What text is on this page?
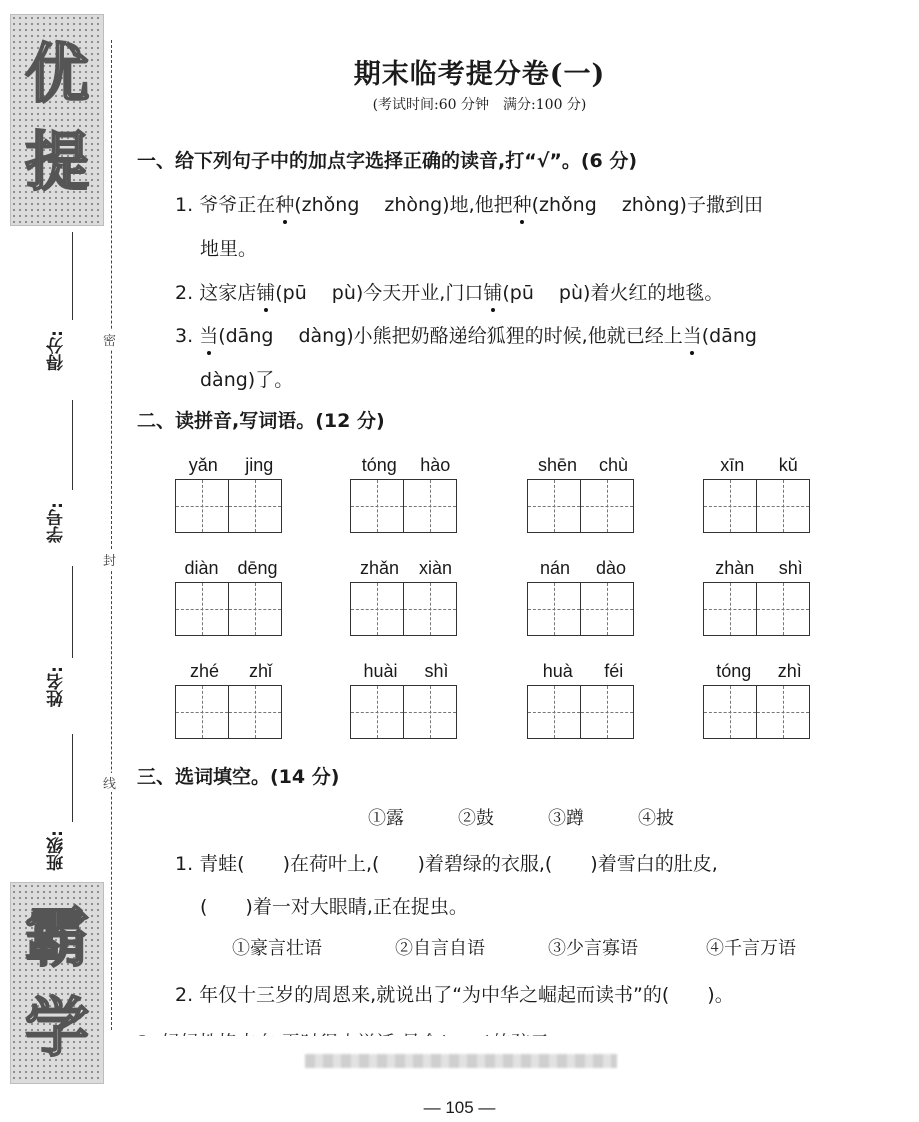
优
提
霸
学
得分:
学号:
姓名:
班级:
密
封
线
期末临考提分卷(一)
(考试时间:60 分钟　满分:100 分)
一、给下列句子中的加点字选择正确的读音,打“√”。(6 分)
1. 爷爷正在种(zhǒng　 zhòng)地,他把种(zhǒng　 zhòng)子撒到田
地里。
2. 这家店铺(pū　 pù)今天开业,门口铺(pū　 pù)着火红的地毯。
3. 当(dāng　 dàng)小熊把奶酪递给狐狸的时候,他就已经上当(dāng
dàng)了。
二、读拼音,写词语。(12 分)
yǎn jing	tóng hào	shēn chù	xīn kǔ
diàn dēng	zhǎn xiàn	nán dào	zhàn shì
zhé zhǐ	huài shì	huà féi	tóng zhì
三、选词填空。(14 分)
①露	②鼓	③蹲	④披
1. 青蛙(　　)在荷叶上,(　　)着碧绿的衣服,(　　)着雪白的肚皮,
(　　)着一对大眼睛,正在捉虫。
①豪言壮语	②自言自语	③少言寡语	④千言万语
2. 年仅十三岁的周恩来,就说出了“为中华之崛起而读书”的(　　)。
— 105 —
